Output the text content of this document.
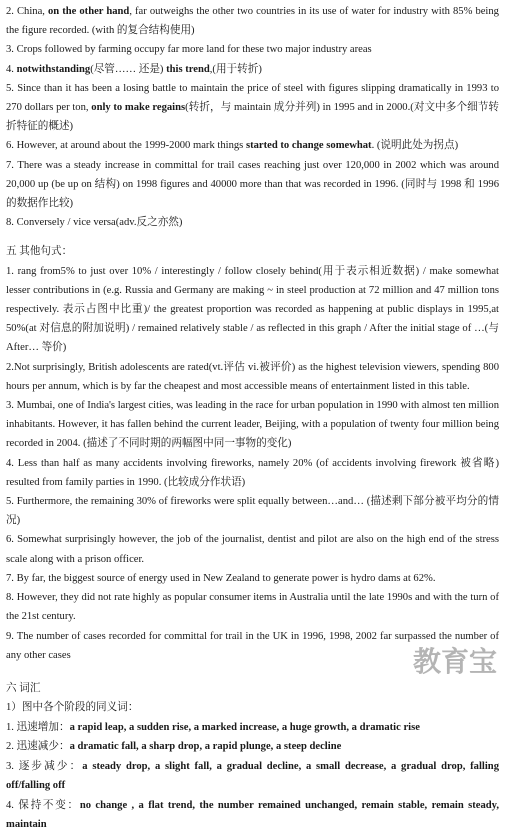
2. China, on the other hand, far outweighs the other two countries in its use of water for industry with 85% being the figure recorded. (with 的复合结构使用)

3. Crops followed by farming occupy far more land for these two major industry areas

4. notwithstanding(尽管…… 还是) this trend,(用于转折)

5. Since than it has been a losing battle to maintain the price of steel with figures slipping dramatically in 1993 to 270 dollars per ton, only to make regains(转折，与 maintain 成分并列) in 1995 and in 2000.(对文中多个细节转折特征的概述)

6. However, at around about the 1999-2000 mark things started to change somewhat. (说明此处为拐点)

7. There was a steady increase in committal for trail cases reaching just over 120,000 in 2002 which was around 20,000 up (be up on 结构) on 1998 figures and 40000 more than that was recorded in 1996. (同时与 1998 和 1996 的数据作比较)

8. Conversely / vice versa(adv.反之亦然)

五 其他句式：

1. rang from5% to just over 10% / interestingly / follow closely behind(用于表示相近数据) / make somewhat lesser contributions in (e.g. Russia and Germany are making ~ in steel production at 72 million and 47 million tons respectively. 表示占图中比重)/ the greatest proportion was recorded as happening at public displays in 1995,at 50%(at 对信息的附加说明) / remained relatively stable / as reflected in this graph / After the initial stage of …(与 After… 等价)

2.Not surprisingly, British adolescents are rated(vt.评估 vi.被评价) as the highest television viewers, spending 800 hours per annum, which is by far the cheapest and most accessible means of entertainment listed in this table.

3. Mumbai, one of India's largest cities, was leading in the race for urban population in 1990 with almost ten million inhabitants. However, it has fallen behind the current leader, Beijing, with a population of twenty four million being recorded in 2004. (描述了不同时期的两幅图中同一事物的变化)

4. Less than half as many accidents involving fireworks, namely 20% (of accidents involving firework 被省略) resulted from family parties in 1990. (比较成分作状语)

5. Furthermore, the remaining 30% of fireworks were split equally between…and… (描述剩下部分被平均分的情况)

6. Somewhat surprisingly however, the job of the journalist, dentist and pilot are also on the high end of the stress scale along with a prison officer.

7. By far, the biggest source of energy used in New Zealand to generate power is hydro dams at 62%.

8. However, they did not rate highly as popular consumer items in Australia until the late 1990s and with the turn of the 21st century.

9. The number of cases recorded for committal for trail in the UK in 1996, 1998, 2002 far surpassed the number of any other cases

六 词汇

1）图中各个阶段的同义词：

1. 迅速增加：a rapid leap, a sudden rise, a marked increase, a huge growth, a dramatic rise

2. 迅速减少：a dramatic fall, a sharp drop, a rapid plunge, a steep decline

3. 逐步减少：a steady drop, a slight fall, a gradual decline, a small decrease, a gradual drop, falling off/falling off

4. 保持不变：no change , a flat trend, the number remained unchanged, remain stable, remain steady, maintain

教育宝
